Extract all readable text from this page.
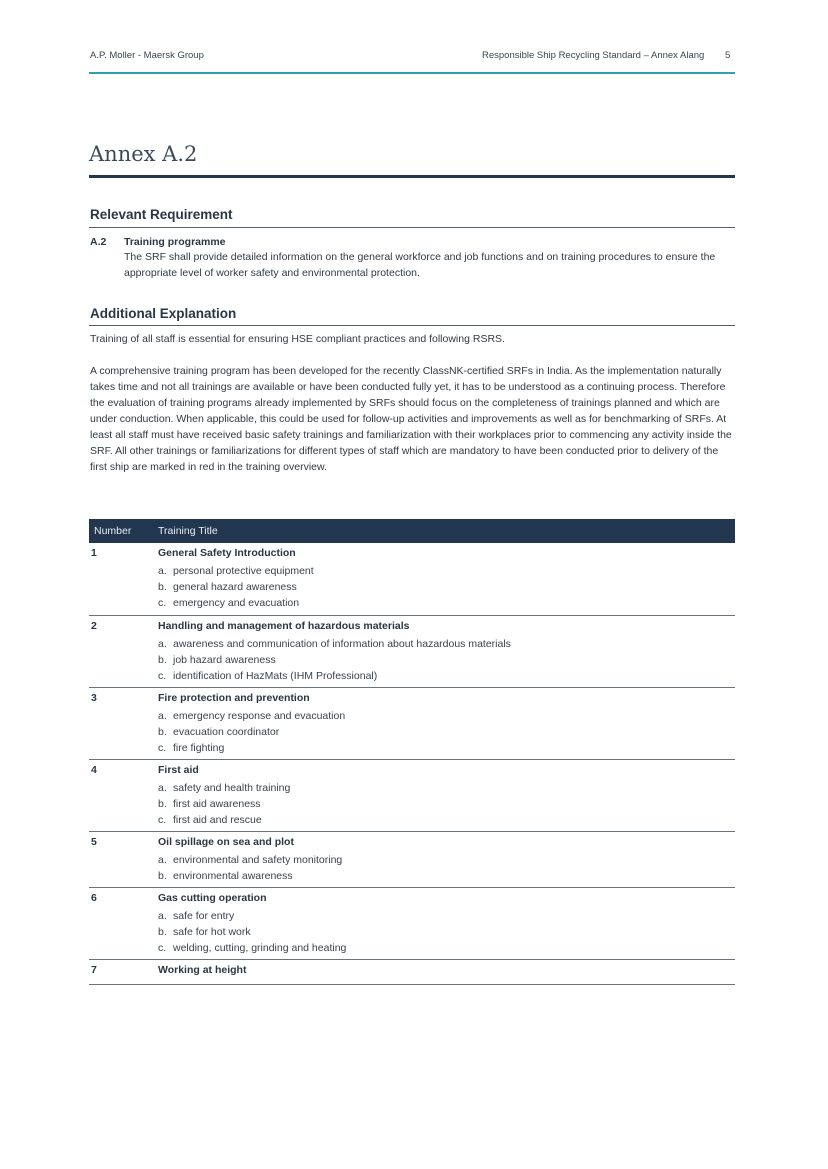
A.P. Moller - Maersk Group	Responsible Ship Recycling Standard – Annex Alang 5
Annex A.2
Relevant Requirement
A.2 Training programme

The SRF shall provide detailed information on the general workforce and job functions and on training procedures to ensure the appropriate level of worker safety and environmental protection.

Additional Explanation

Training of all staff is essential for ensuring HSE compliant practices and following RSRS.

A comprehensive training program has been developed for the recently ClassNK-certified SRFs in India. As the implementation naturally takes time and not all trainings are available or have been conducted fully yet, it has to be understood as a continuing process. Therefore the evaluation of training programs already implemented by SRFs should focus on the completeness of trainings planned and which are under conduction. When applicable, this could be used for follow-up activities and improvements as well as for benchmarking of SRFs. At least all staff must have received basic safety trainings and familiarization with their workplaces prior to commencing any activity inside the SRF. All other trainings or familiarizations for different types of staff which are mandatory to have been conducted prior to delivery of the first ship are marked in red in the training overview.

Number	Training Title
1	General Safety Introduction
a. personal protective equipment
b. general hazard awareness
c. emergency and evacuation
2	Handling and management of hazardous materials
a. awareness and communication of information about hazardous materials
b. job hazard awareness
c. identification of HazMats (IHM Professional)
3	Fire protection and prevention
a. emergency response and evacuation
b. evacuation coordinator
c. fire fighting
4	First aid
a. safety and health training
b. first aid awareness
c. first aid and rescue
5	Oil spillage on sea and plot
a. environmental and safety monitoring
b. environmental awareness
6	Gas cutting operation
a. safe for entry
b. safe for hot work
c. welding, cutting, grinding and heating
7	Working at height
